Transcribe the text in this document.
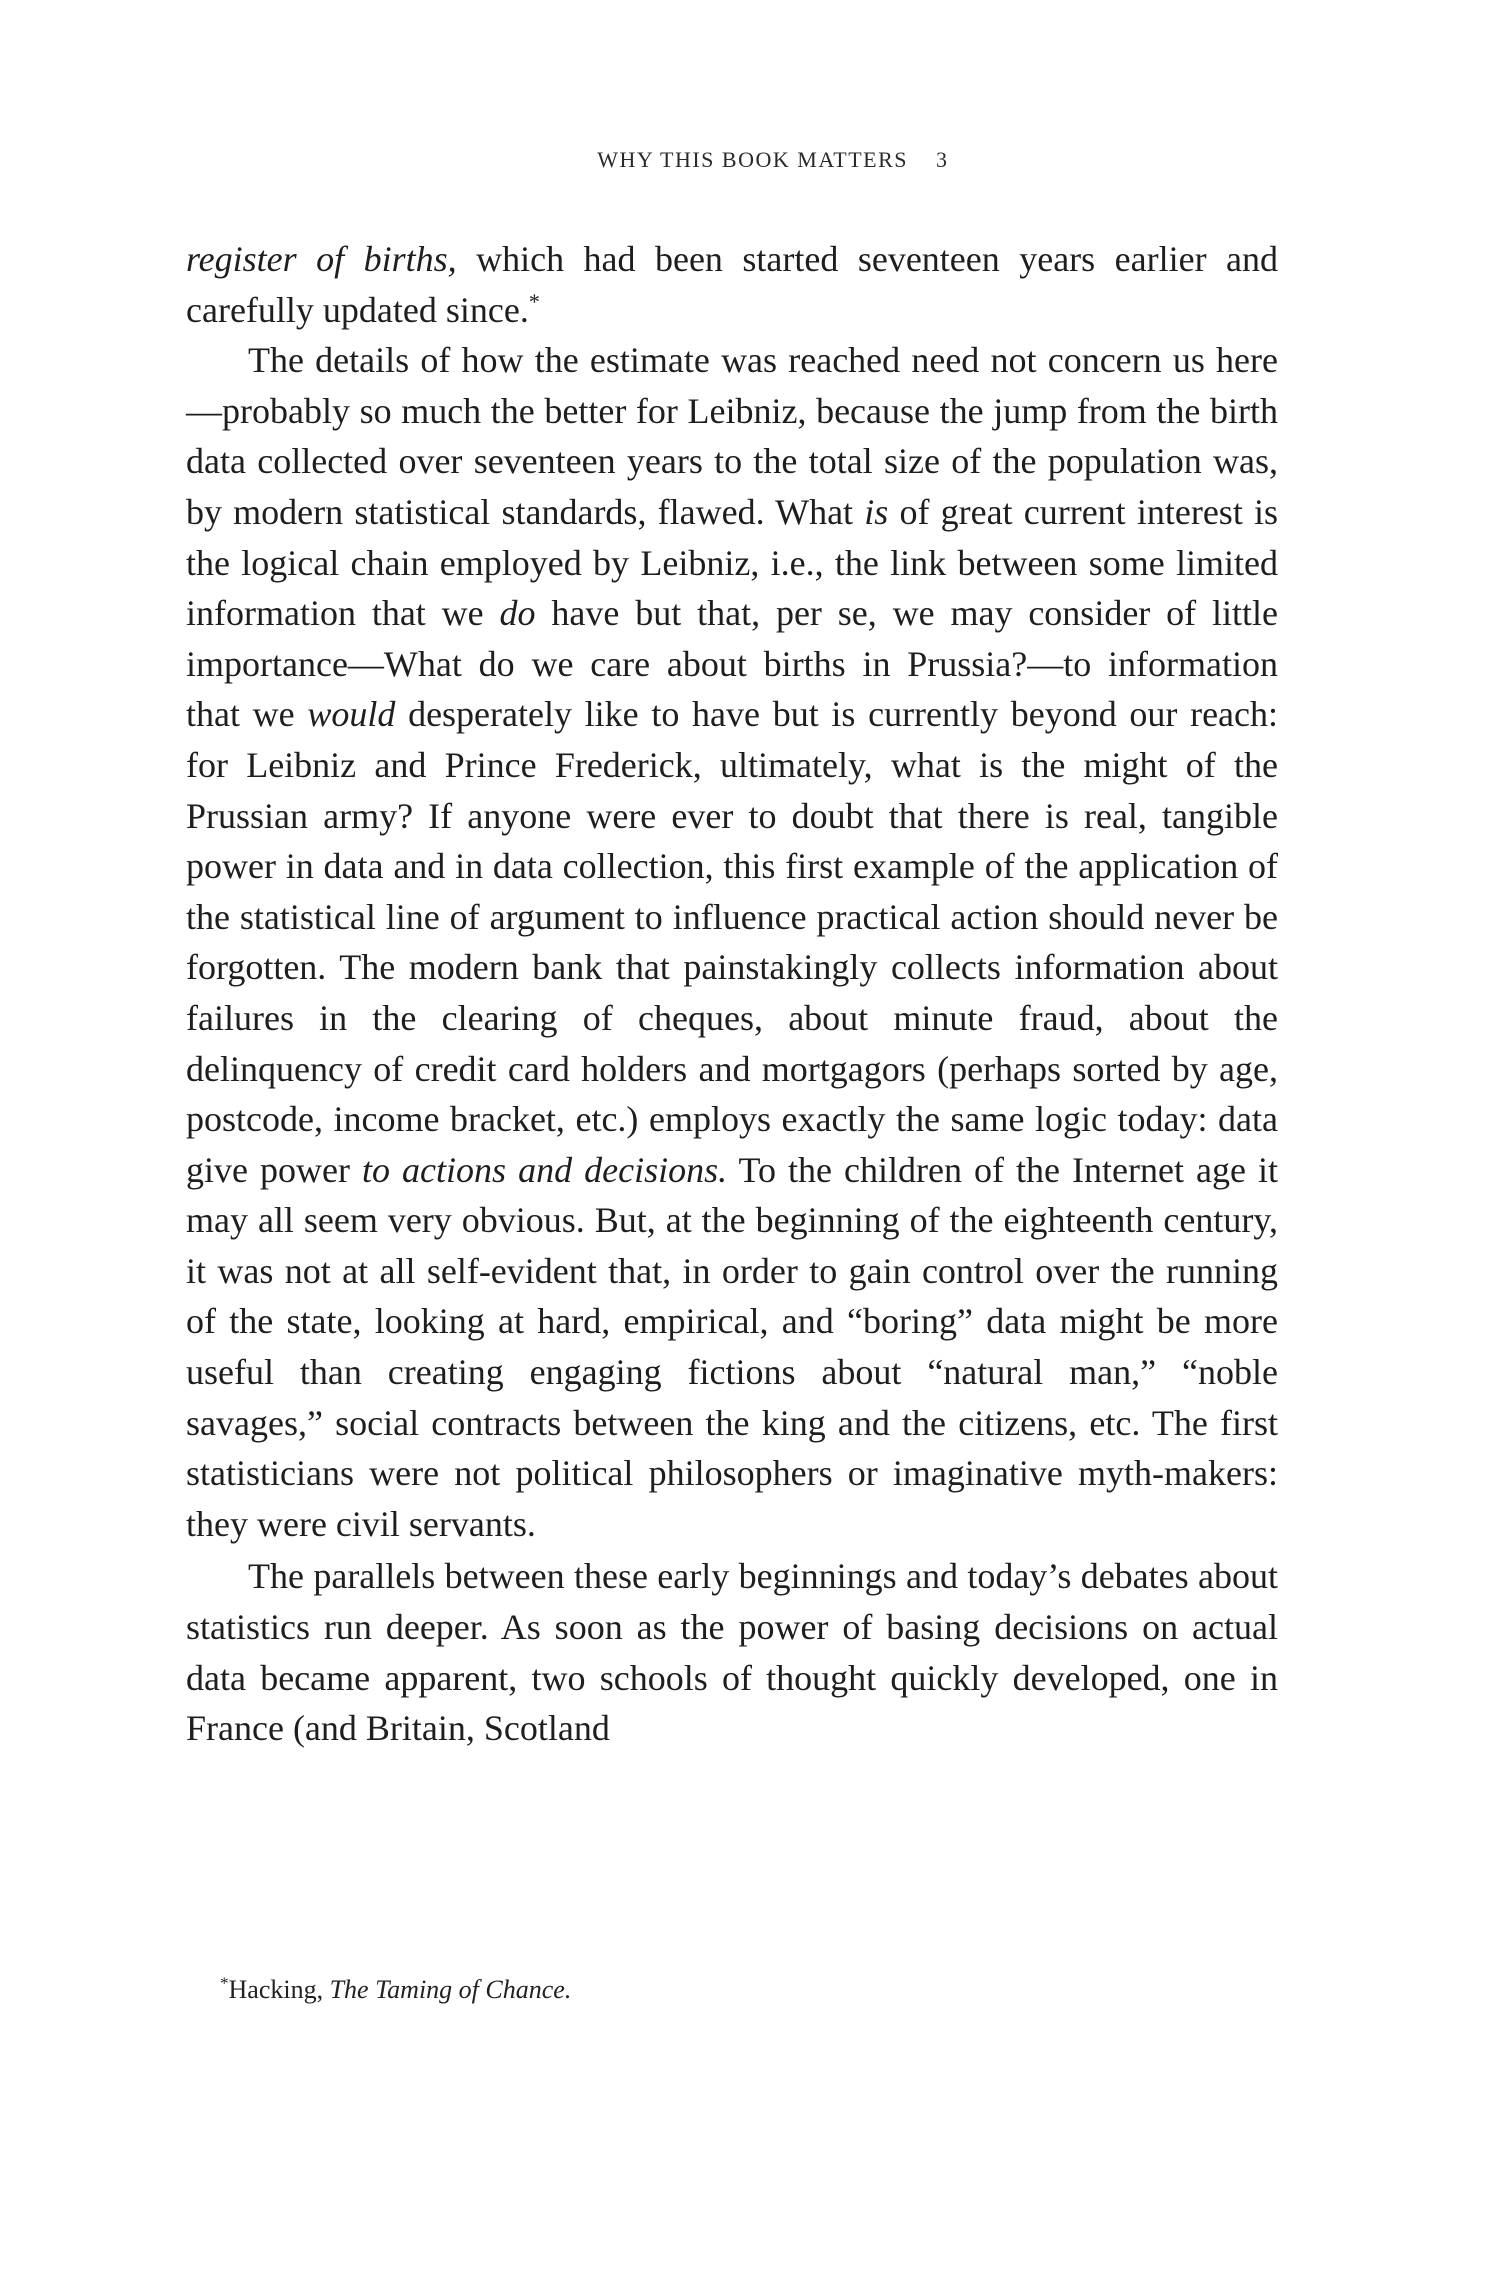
WHY THIS BOOK MATTERS 3

register of births, which had been started seventeen years earlier and carefully updated since.*

The details of how the estimate was reached need not concern us here—probably so much the better for Leibniz, because the jump from the birth data collected over seventeen years to the total size of the population was, by modern statistical standards, flawed. What is of great current interest is the logical chain employed by Leibniz, i.e., the link between some limited information that we do have but that, per se, we may consider of little importance—What do we care about births in Prussia?—to information that we would desperately like to have but is currently beyond our reach: for Leibniz and Prince Frederick, ultimately, what is the might of the Prussian army? If anyone were ever to doubt that there is real, tangible power in data and in data collection, this first example of the application of the statistical line of argument to influence practical action should never be forgotten. The modern bank that painstakingly collects information about failures in the clearing of cheques, about minute fraud, about the delinquency of credit card holders and mortgagors (perhaps sorted by age, postcode, income bracket, etc.) employs exactly the same logic today: data give power to actions and decisions. To the children of the Internet age it may all seem very obvious. But, at the beginning of the eighteenth century, it was not at all self-evident that, in order to gain control over the running of the state, looking at hard, empirical, and “boring” data might be more useful than creating engaging fictions about “natural man,” “noble savages,” social contracts between the king and the citizens, etc. The first statisticians were not political philosophers or imaginative myth-makers: they were civil servants.

The parallels between these early beginnings and today’s debates about statistics run deeper. As soon as the power of basing decisions on actual data became apparent, two schools of thought quickly developed, one in France (and Britain, Scotland

*Hacking, The Taming of Chance.
